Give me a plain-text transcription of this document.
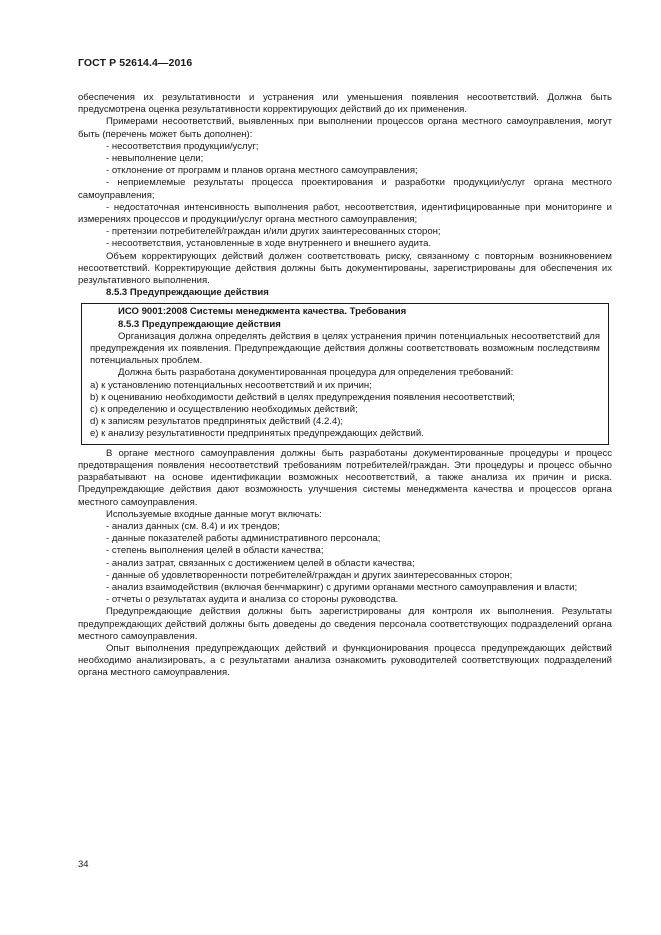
ГОСТ Р 52614.4—2016

обеспечения их результативности и устранения или уменьшения появления несоответствий. Должна быть предусмотрена оценка результативности корректирующих действий до их применения.

Примерами несоответствий, выявленных при выполнении процессов органа местного самоуправления, могут быть (перечень может быть дополнен):

- несоответствия продукции/услуг;

- невыполнение цели;

- отклонение от программ и планов органа местного самоуправления;

- неприемлемые результаты процесса проектирования и разработки продукции/услуг органа местного самоуправления;

- недостаточная интенсивность выполнения работ, несоответствия, идентифицированные при мониторинге и измерениях процессов и продукции/услуг органа местного самоуправления;

- претензии потребителей/граждан и/или других заинтересованных сторон;

- несоответствия, установленные в ходе внутреннего и внешнего аудита.

Объем корректирующих действий должен соответствовать риску, связанному с повторным возникновением несоответствий. Корректирующие действия должны быть документированы, зарегистрированы для обеспечения их результативного выполнения.

8.5.3 Предупреждающие действия

ИСО 9001:2008 Системы менеджмента качества. Требования

8.5.3 Предупреждающие действия

Организация должна определять действия в целях устранения причин потенциальных несоответствий для предупреждения их появления. Предупреждающие действия должны соответствовать возможным последствиям потенциальных проблем.

Должна быть разработана документированная процедура для определения требований:

a) к установлению потенциальных несоответствий и их причин;

b) к оцениванию необходимости действий в целях предупреждения появления несоответствий;

c) к определению и осуществлению необходимых действий;

d) к записям результатов предпринятых действий (4.2.4);

e) к анализу результативности предпринятых предупреждающих действий.

В органе местного самоуправления должны быть разработаны документированные процедуры и процесс предотвращения появления несоответствий требованиям потребителей/граждан. Эти процедуры и процесс обычно разрабатывают на основе идентификации возможных несоответствий, а также анализа их причин и риска. Предупреждающие действия дают возможность улучшения системы менеджмента качества и процессов органа местного самоуправления.

Используемые входные данные могут включать:

- анализ данных (см. 8.4) и их трендов;

- данные показателей работы административного персонала;

- степень выполнения целей в области качества;

- анализ затрат, связанных с достижением целей в области качества;

- данные об удовлетворенности потребителей/граждан и других заинтересованных сторон;

- анализ взаимодействия (включая бенчмаркинг) с другими органами местного самоуправления и власти;

- отчеты о результатах аудита и анализа со стороны руководства.

Предупреждающие действия должны быть зарегистрированы для контроля их выполнения. Результаты предупреждающих действий должны быть доведены до сведения персонала соответствующих подразделений органа местного самоуправления.

Опыт выполнения предупреждающих действий и функционирования процесса предупреждающих действий необходимо анализировать, а с результатами анализа ознакомить руководителей соответствующих подразделений органа местного самоуправления.

34
